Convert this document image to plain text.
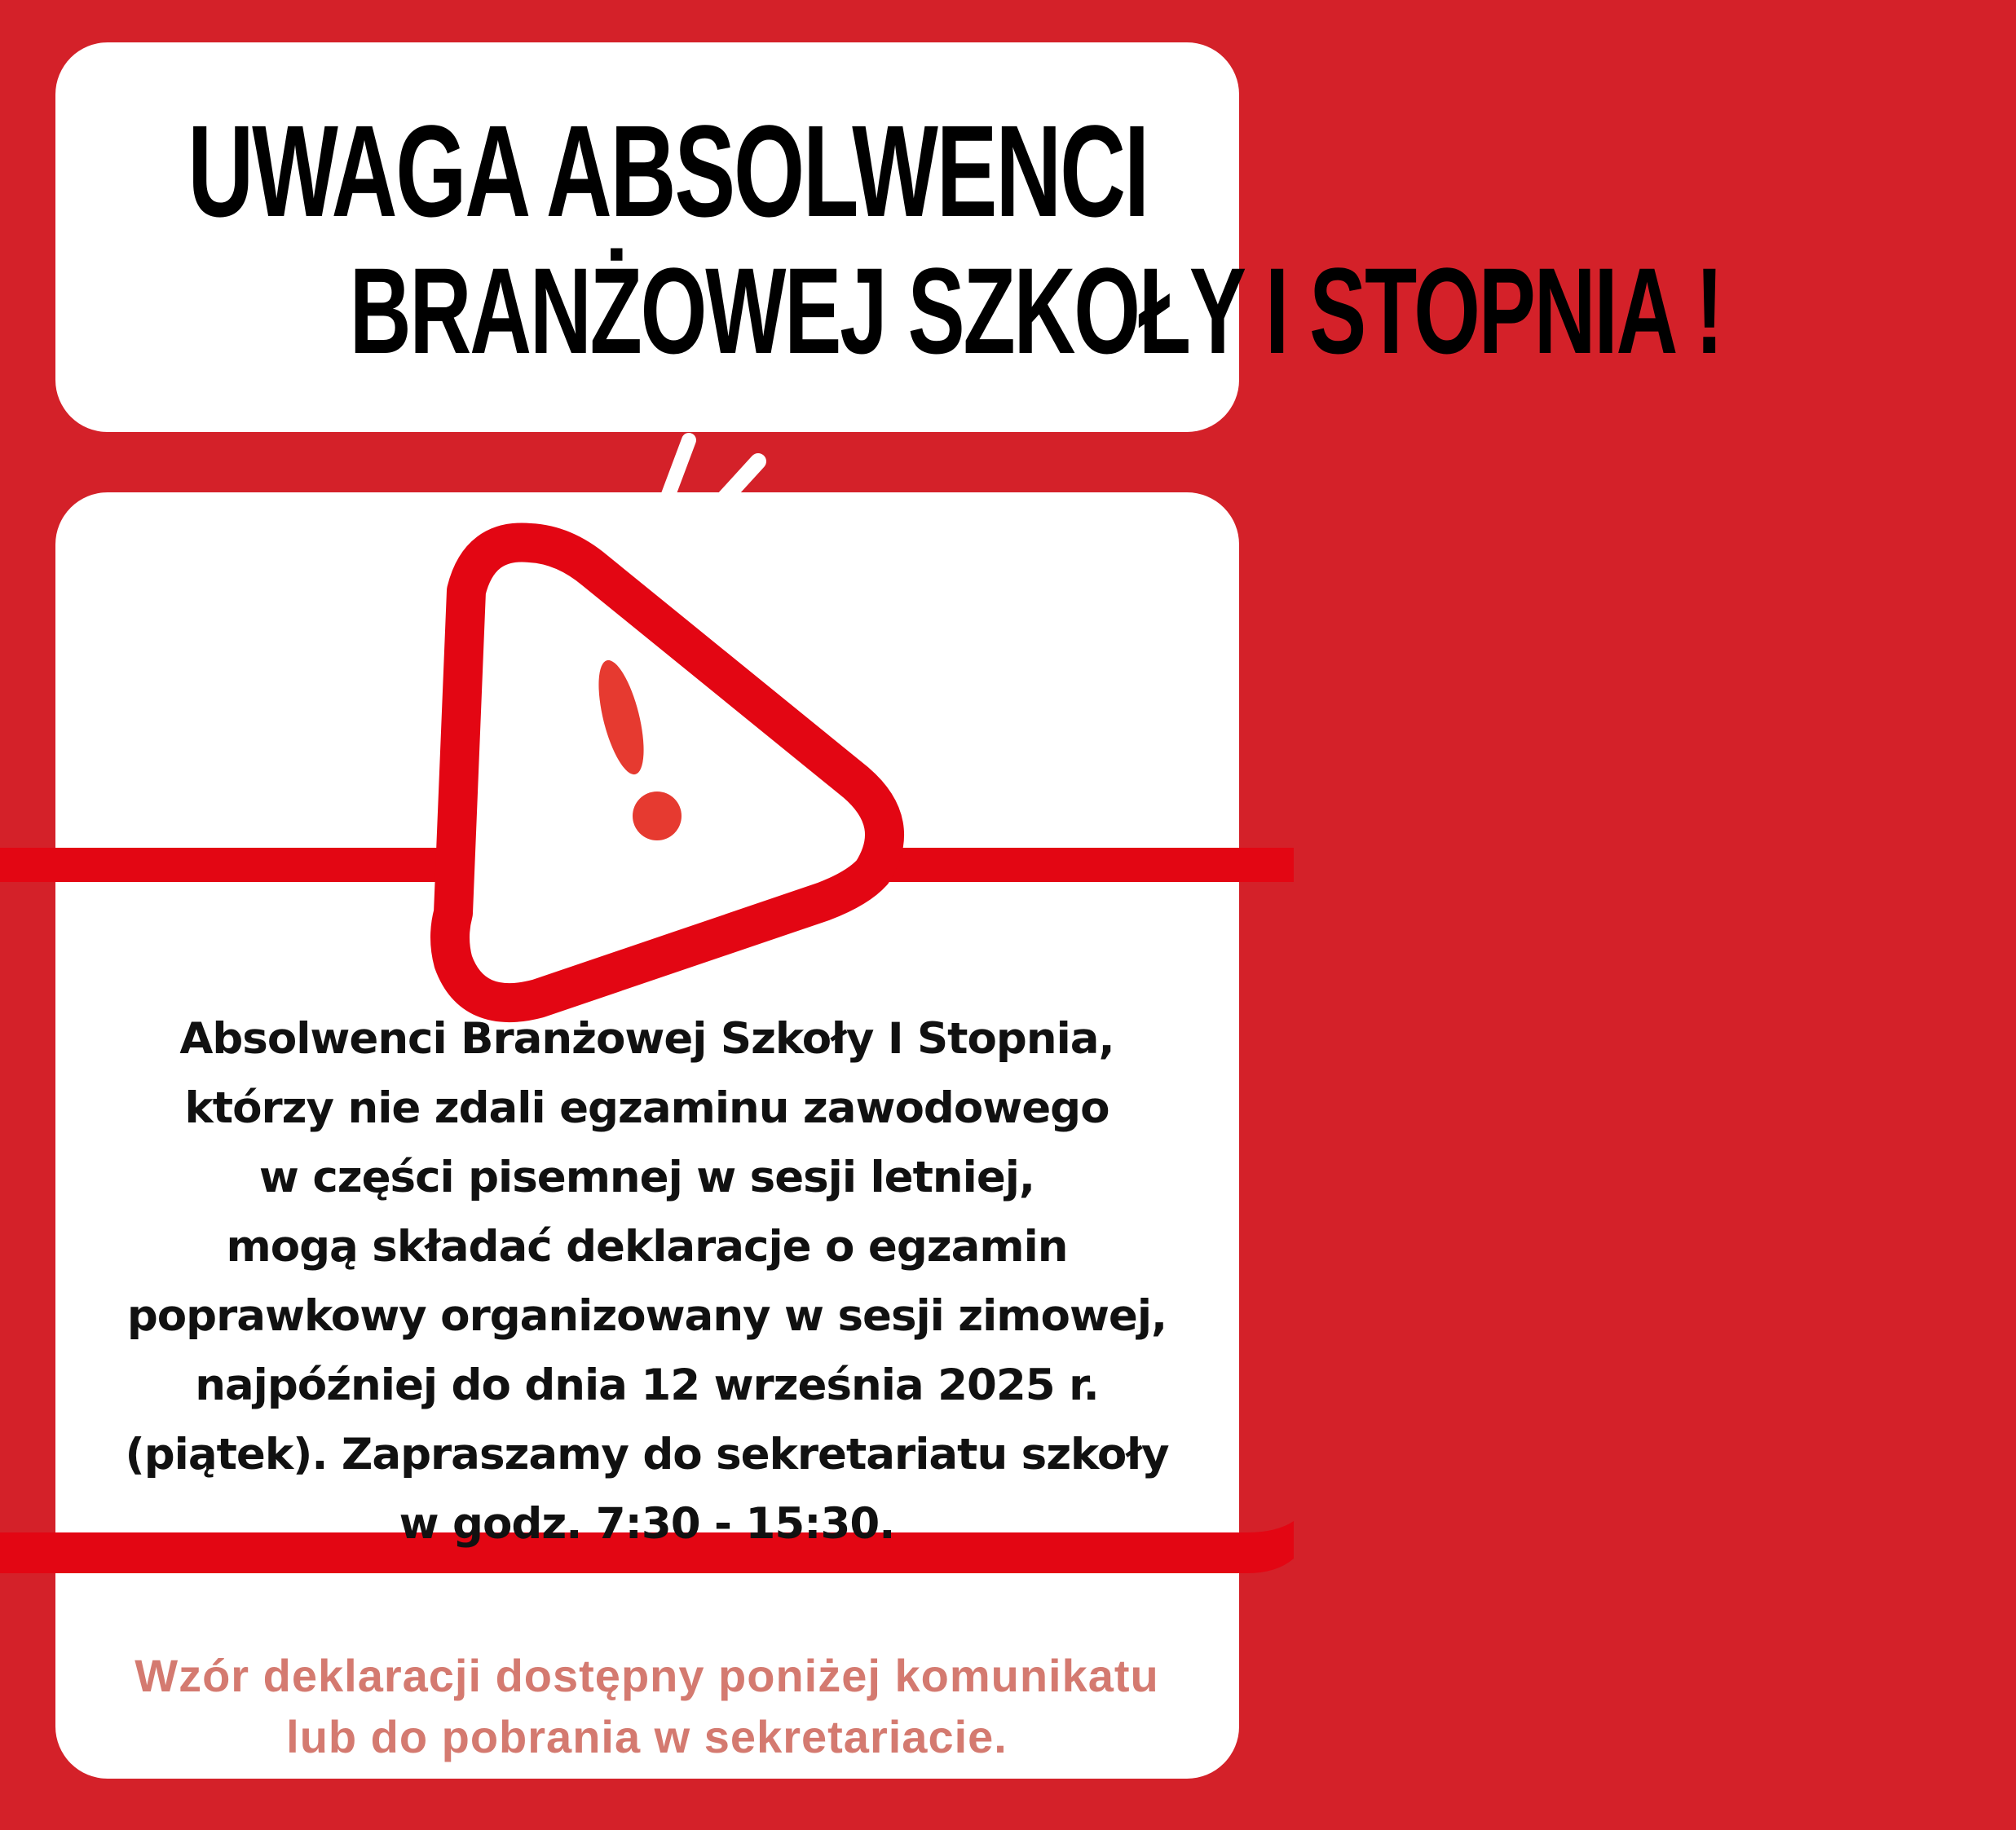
UWAGA ABSOLWENCI
BRANŻOWEJ SZKOŁY I STOPNIA !
Absolwenci Branżowej Szkoły I Stopnia,
którzy nie zdali egzaminu zawodowego
w części pisemnej w sesji letniej,
mogą składać deklaracje o egzamin
poprawkowy organizowany w sesji zimowej,
najpóźniej do dnia 12 września 2025 r.
(piątek). Zapraszamy do sekretariatu szkoły
w godz. 7:30 - 15:30.
Wzór deklaracji dostępny poniżej komunikatu
lub do pobrania w sekretariacie.
